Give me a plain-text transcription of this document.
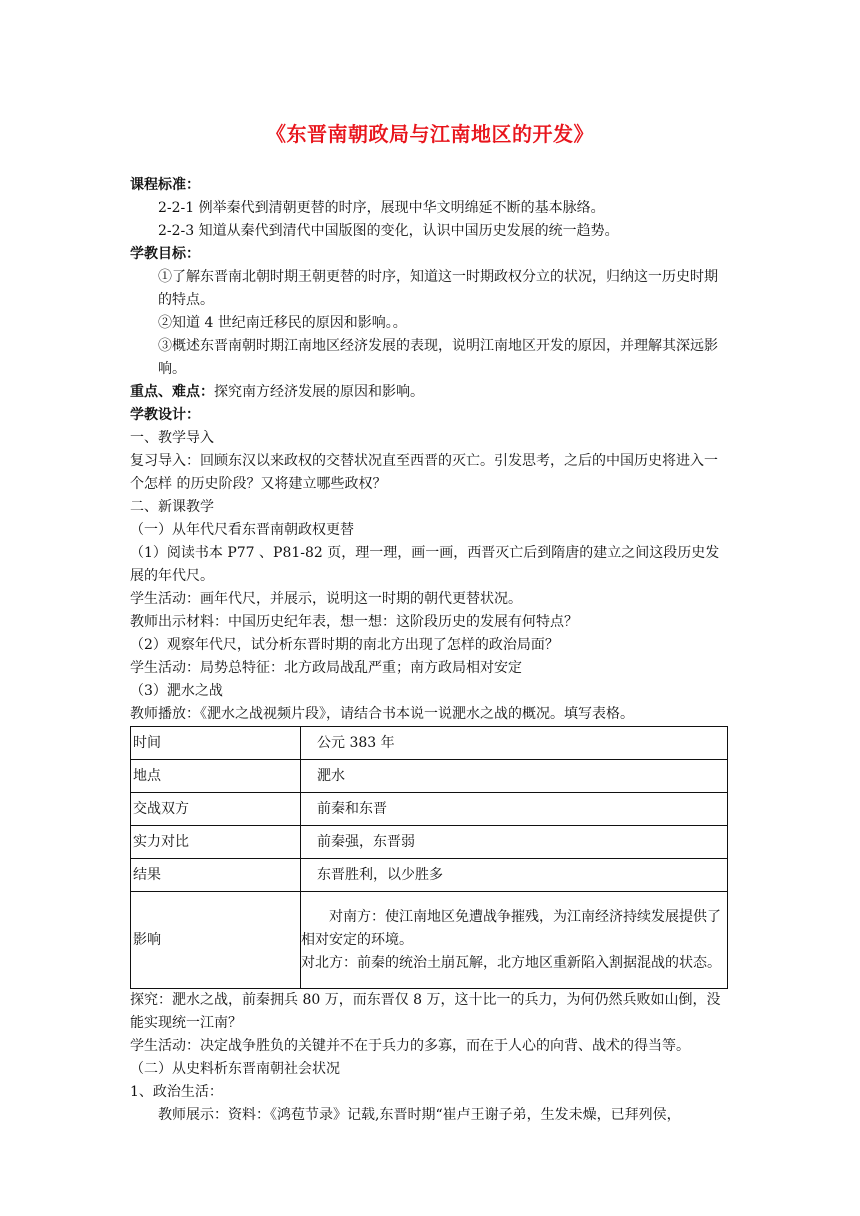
《东晋南朝政局与江南地区的开发》

课程标准：

2-2-1 例举秦代到清朝更替的时序，展现中华文明绵延不断的基本脉络。

2-2-3 知道从秦代到清代中国版图的变化，认识中国历史发展的统一趋势。

学教目标：

①了解东晋南北朝时期王朝更替的时序，知道这一时期政权分立的状况，归纳这一历史时期的特点。

②知道 4 世纪南迁移民的原因和影响。。

③概述东晋南朝时期江南地区经济发展的表现，说明江南地区开发的原因，并理解其深远影响。

重点、难点：探究南方经济发展的原因和影响。

学教设计：

一、教学导入

复习导入：回顾东汉以来政权的交替状况直至西晋的灭亡。引发思考，之后的中国历史将进入一个怎样 的历史阶段？又将建立哪些政权？

二、新课教学

（一）从年代尺看东晋南朝政权更替

（1）阅读书本 P77 、P81-82 页，理一理，画一画，西晋灭亡后到隋唐的建立之间这段历史发展的年代尺。

学生活动：画年代尺，并展示，说明这一时期的朝代更替状况。

教师出示材料：中国历史纪年表，想一想：这阶段历史的发展有何特点？

（2）观察年代尺，试分析东晋时期的南北方出现了怎样的政治局面？

学生活动：局势总特征：北方政局战乱严重；南方政局相对安定

（3）淝水之战

教师播放：《淝水之战视频片段》，请结合书本说一说淝水之战的概况。填写表格。

时间	公元 383 年
地点	淝水
交战双方	前秦和东晋
实力对比	前秦强，东晋弱
结果	东晋胜利，以少胜多
影响	对南方：使江南地区免遭战争摧残，为江南经济持续发展提供了相对安定的环境。

对北方：前秦的统治土崩瓦解，北方地区重新陷入割据混战的状态。

探究：淝水之战，前秦拥兵 80 万，而东晋仅 8 万，这十比一的兵力，为何仍然兵败如山倒，没能实现统一江南？

学生活动：决定战争胜负的关键并不在于兵力的多寡，而在于人心的向背、战术的得当等。

（二）从史料析东晋南朝社会状况

1、政治生活：

教师展示：资料：《鸿苞节录》记载,东晋时期“崔卢王谢子弟，生发未燥，已拜列侯，
